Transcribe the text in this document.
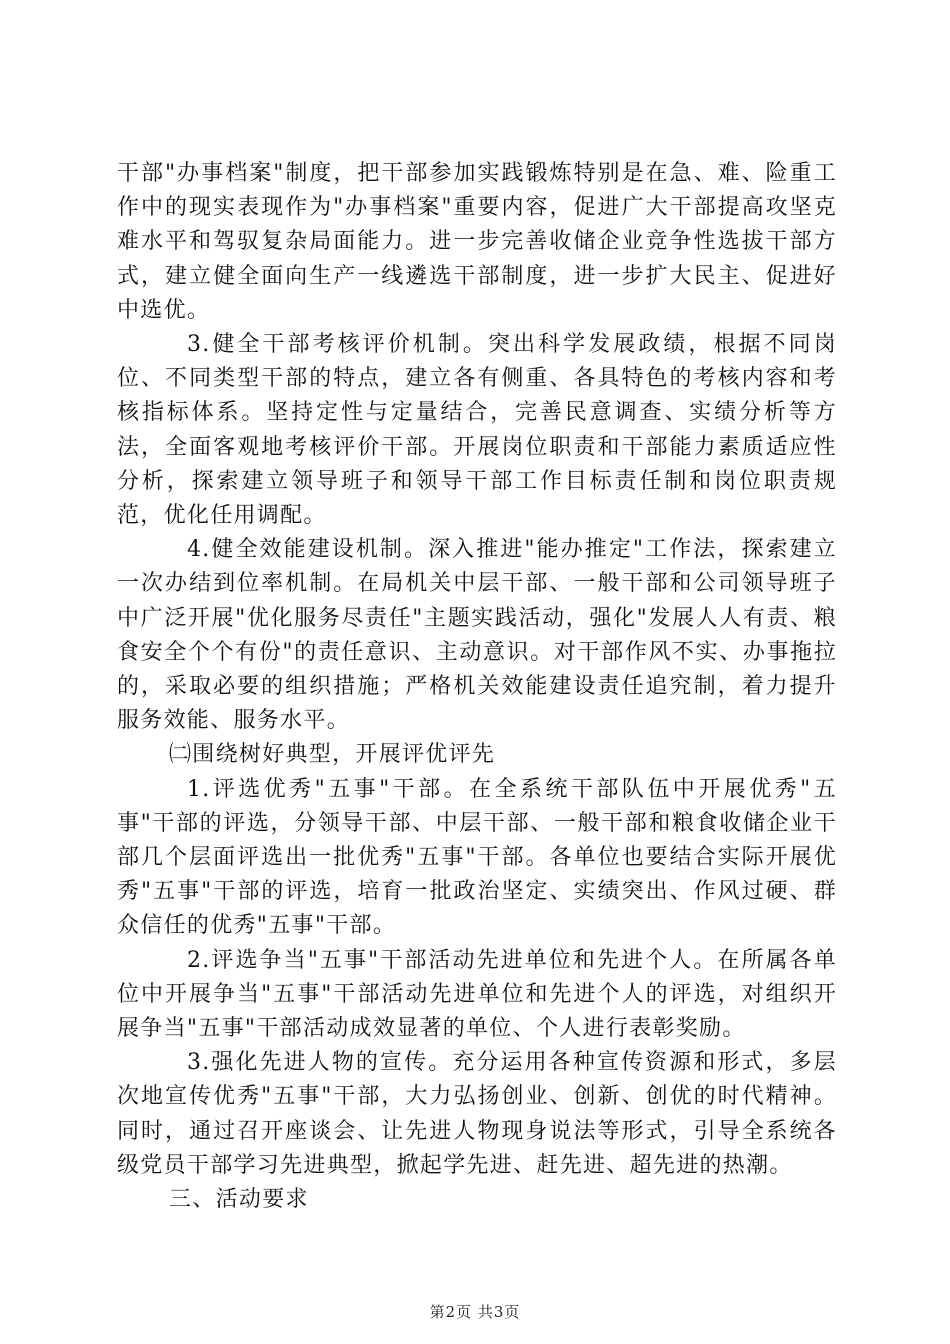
干部"办事档案"制度，把干部参加实践锻炼特别是在急、难、险重工作中的现实表现作为"办事档案"重要内容，促进广大干部提高攻坚克难水平和驾驭复杂局面能力。进一步完善收储企业竞争性选拔干部方式，建立健全面向生产一线遴选干部制度，进一步扩大民主、促进好中选优。

3.健全干部考核评价机制。突出科学发展政绩，根据不同岗位、不同类型干部的特点，建立各有侧重、各具特色的考核内容和考核指标体系。坚持定性与定量结合，完善民意调查、实绩分析等方法，全面客观地考核评价干部。开展岗位职责和干部能力素质适应性分析，探索建立领导班子和领导干部工作目标责任制和岗位职责规范，优化任用调配。

4.健全效能建设机制。深入推进"能办推定"工作法，探索建立一次办结到位率机制。在局机关中层干部、一般干部和公司领导班子中广泛开展"优化服务尽责任"主题实践活动，强化"发展人人有责、粮食安全个个有份"的责任意识、主动意识。对干部作风不实、办事拖拉的，采取必要的组织措施；严格机关效能建设责任追究制，着力提升服务效能、服务水平。

㈡围绕树好典型，开展评优评先

1.评选优秀"五事"干部。在全系统干部队伍中开展优秀"五事"干部的评选，分领导干部、中层干部、一般干部和粮食收储企业干部几个层面评选出一批优秀"五事"干部。各单位也要结合实际开展优秀"五事"干部的评选，培育一批政治坚定、实绩突出、作风过硬、群众信任的优秀"五事"干部。

2.评选争当"五事"干部活动先进单位和先进个人。在所属各单位中开展争当"五事"干部活动先进单位和先进个人的评选，对组织开展争当"五事"干部活动成效显著的单位、个人进行表彰奖励。

3.强化先进人物的宣传。充分运用各种宣传资源和形式，多层次地宣传优秀"五事"干部，大力弘扬创业、创新、创优的时代精神。同时，通过召开座谈会、让先进人物现身说法等形式，引导全系统各级党员干部学习先进典型，掀起学先进、赶先进、超先进的热潮。

三、活动要求

第2页 共3页
